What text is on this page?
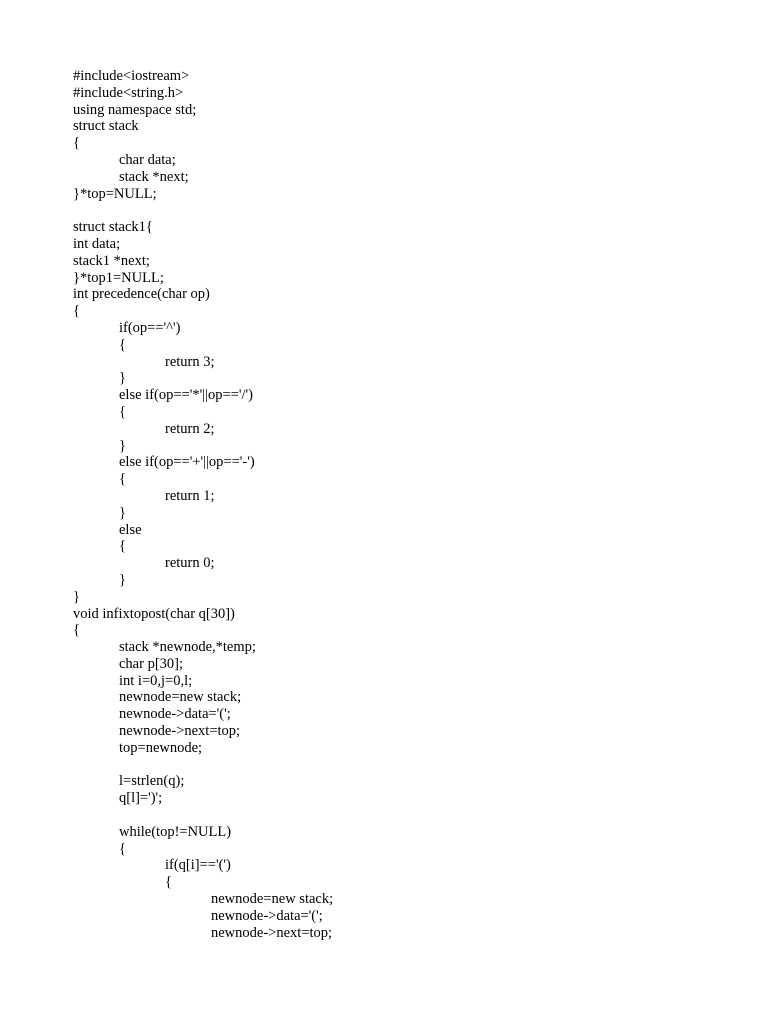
#include<iostream>
#include<string.h>
using namespace std;
struct stack
{
char data;
stack *next;
}*top=NULL;
struct stack1{
int data;
stack1 *next;
}*top1=NULL;
int precedence(char op)
{
if(op=='^')
{
return 3;
}
else if(op=='*'||op=='/')
{
return 2;
}
else if(op=='+'||op=='-')
{
return 1;
}
else
{
return 0;
}
}
void infixtopost(char q[30])
{
stack *newnode,*temp;
char p[30];
int i=0,j=0,l;
newnode=new stack;
newnode->data='(';
newnode->next=top;
top=newnode;
l=strlen(q);
q[l]=')';
while(top!=NULL)
{
if(q[i]=='(')
{
newnode=new stack;
newnode->data='(';
newnode->next=top;
